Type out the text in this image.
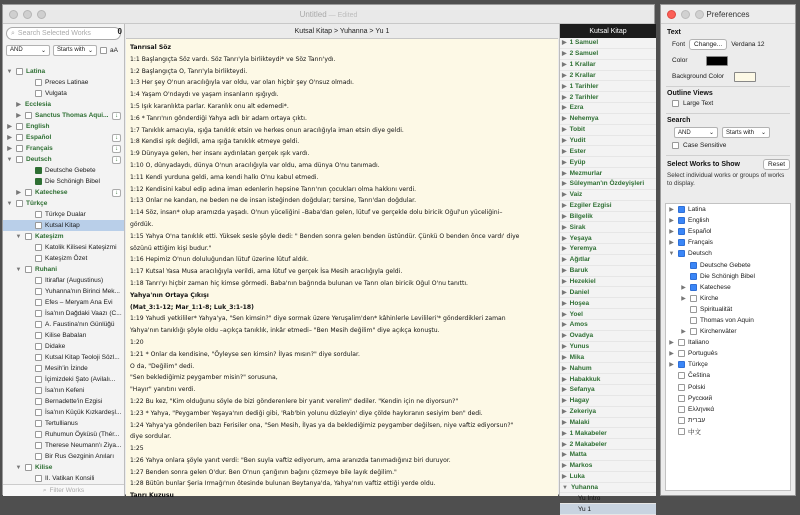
Untitled — Edited
⌕ Search Selected Works	0
AND	⌄ Starts with ⌄	aA
▼ Latina
Preces Latinae
Vulgata
▶ Ecclesia
▶ Sanctus Thomas Aqui...	↓
▶ English
▶ Español	↓
▶ Français	↓
▼ Deutsch	↓
Deutsche Gebete
Die Schönigh Bibel
▶ Katechese	↓
▼ Türkçe
Türkçe Dualar
Kutsal Kitap
▼ Kateşizm
Katolik Kilisesi Kateşizmi
Kateşizm Özet
▼ Ruhani
Itiraflar (Augustinus)
Yuhanna'nın Birinci Mek...
Efes – Meryam Ana Evi
İsa'nın Dağdaki Vaazı (C...
A. Faustina'nın Günlüğü
Kilise Babaları
Didake
Kutsal Kitap Teoloji Sözl...
Mesih'in İzinde
İçimizdeki Şato (Avilalı...
İsa'nın Kefeni
Bernadette'in Ezgisi
İsa'nın Küçük Kızkardeşl...
Tertullianus
Ruhumun Öyküsü (Thér...
Therese Neumann'ı Ziya...
Bir Rus Gezginin Anıları
▼ Kilise
II. Vatikan Konsili
⌕ Filter Works
Kutsal Kitap > Yuhanna > Yu 1

Tanrısal Söz

1:1 Başlangıçta Söz vardı. Söz Tanrı'yla birlikteydi* ve Söz Tanrı'ydı.

1:2 Başlangıçta O, Tanrı'yla birlikteydi.

1:3 Her şey O'nun aracılığıyla var oldu, var olan hiçbir şey O'nsuz olmadı.

1:4 Yaşam O'ndaydı ve yaşam insanların ışığıydı.

1:5 Işık karanlıkta parlar. Karanlık onu alt edemedi*.

1:6 * Tanrı'nın gönderdiği Yahya adlı bir adam ortaya çıktı.

1:7 Tanıklık amacıyla, ışığa tanıklık etsin ve herkes onun aracılığıyla iman etsin diye geldi.

1:8 Kendisi ışık değildi, ama ışığa tanıklık etmeye geldi.

1:9 Dünyaya gelen, her insanı aydınlatan gerçek ışık vardı.

1:10 O, dünyadaydı, dünya O'nun aracılığıyla var oldu, ama dünya O'nu tanımadı.

1:11 Kendi yurduna geldi, ama kendi halkı O'nu kabul etmedi.

1:12 Kendisini kabul edip adına iman edenlerin hepsine Tanrı'nın çocukları olma hakkını verdi.

1:13 Onlar ne kandan, ne beden ne de insan isteğinden doğdular; tersine, Tanrı'dan doğdular.

1:14 Söz, insan* olup aramızda yaşadı. O'nun yüceliğini –Baba'dan gelen, lütuf ve gerçekle dolu biricik Oğul'un yüceliğini–
gördük.

1:15 Yahya O'na tanıklık etti. Yüksek sesle şöyle dedi: " Benden sonra gelen benden üstündür. Çünkü O benden önce vardı' diye
sözünü ettiğim kişi budur."

1:16 Hepimiz O'nun doluluğundan lütuf üzerine lütuf aldık.

1:17 Kutsal Yasa Musa aracılığıyla verildi, ama lütuf ve gerçek İsa Mesih aracılığıyla geldi.

1:18 Tanrı'yı hiçbir zaman hiç kimse görmedi. Baba'nın bağrında bulunan ve Tanrı olan biricik Oğul O'nu tanıttı.

Yahya'nın Ortaya Çıkışı

(Mat_3:1-12; Mar_1:1-8; Luk_3:1-18)

1:19 Yahudi yetkililer* Yahya'ya, "Sen kimsin?" diye sormak üzere Yeruşalim'den* kâhinlerle Levilileri'* gönderdikleri zaman
Yahya'nın tanıklığı şöyle oldu –açıkça tanıklık, inkâr etmedi– "Ben Mesih değilim" diye açıkça konuştu.

1:20

1:21 * Onlar da kendisine, "Öyleyse sen kimsin? İlyas mısın?" diye sordular.
O da, "Değilim" dedi.
"Sen beklediğimiz peygamber misin?" sorusuna,
"Hayır" yanıtını verdi.

1:22 Bu kez, "Kim olduğunu söyle de bizi gönderenlere bir yanıt verelim" dediler. "Kendin için ne diyorsun?"

1:23 * Yahya, "Peygamber Yeşaya'nın dediği gibi, 'Rab'bin yolunu düzleyin' diye çölde haykıranın sesiyim ben" dedi.

1:24 Yahya'ya gönderilen bazı Ferisiler ona, "Sen Mesih, İlyas ya da beklediğimiz peygamber değilsen, niye vaftiz ediyorsun?"
diye sordular.

1:25

1:26 Yahya onlara şöyle yanıt verdi: "Ben suyla vaftiz ediyorum, ama aranızda tanımadığınız biri duruyor.

1:27 Benden sonra gelen O'dur. Ben O'nun çarığının bağını çözmeye bile layık değilim."

1:28 Bütün bunlar Şeria Irmağı'nın ötesinde bulunan Beytanya'da, Yahya'nın vaftiz ettiği yerde oldu.

Tanrı Kuzusu

Kutsal Kitap
▶ 1 Samuel
▶ 2 Samuel
▶ 1 Krallar
▶ 2 Krallar
▶ 1 Tarihler
▶ 2 Tarihler
▶ Ezra
▶ Nehemya
▶ Tobit
▶ Yudit
▶ Ester
▶ Eyüp
▶ Mezmurlar
▶ Süleyman'ın Özdeyişleri
▶ Vaiz
▶ Ezgiler Ezgisi
▶ Bilgelik
▶ Sirak
▶ Yeşaya
▶ Yeremya
▶ Ağıtlar
▶ Baruk
▶ Hezekiel
▶ Daniel
▶ Hoşea
▶ Yoel
▶ Amos
▶ Ovadya
▶ Yunus
▶ Mika
▶ Nahum
▶ Habakkuk
▶ Sefanya
▶ Hagay
▶ Zekeriya
▶ Malaki
▶ 1 Makabeler
▶ 2 Makabeler
▶ Matta
▶ Markos
▶ Luka
▼ Yuhanna
Yu Intro
Yu 1
Preferences
Text
Font	Change...	Verdana 12
Color
Background Color
Outline Views
Large Text
Search
AND	⌄ Starts with ⌄
Case Sensitive
Select Works to Show	Reset
Select individual works or groups of works to display.
▶ Latina
▶ English
▶ Español
▶ Français
▼ Deutsch
Deutsche Gebete
Die Schönigh Bibel
▶ Katechese
▶ Kirche
Spiritualität
Thomas von Aquin
▶ Kirchenväter
▶ Italiano
▶ Português
▶ Türkçe
Čeština
Polski
Русский
Ελληνικά
עברית
中文
